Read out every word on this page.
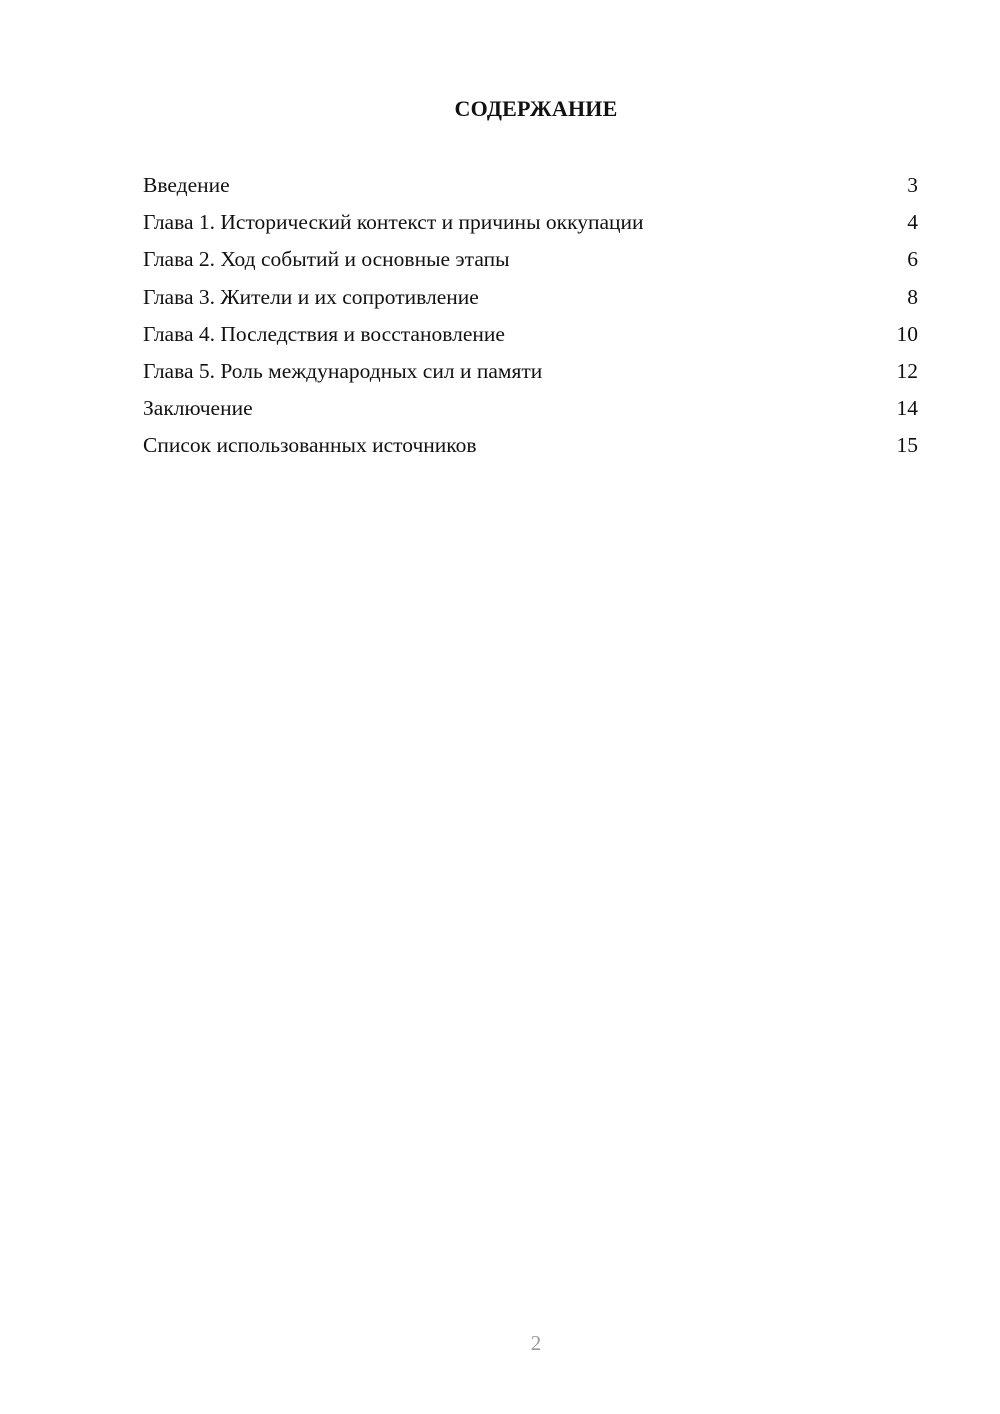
СОДЕРЖАНИЕ
Введение	3
Глава 1. Исторический контекст и причины оккупации	4
Глава 2. Ход событий и основные этапы	6
Глава 3. Жители и их сопротивление	8
Глава 4. Последствия и восстановление	10
Глава 5. Роль международных сил и памяти	12
Заключение	14
Список использованных источников	15
2
